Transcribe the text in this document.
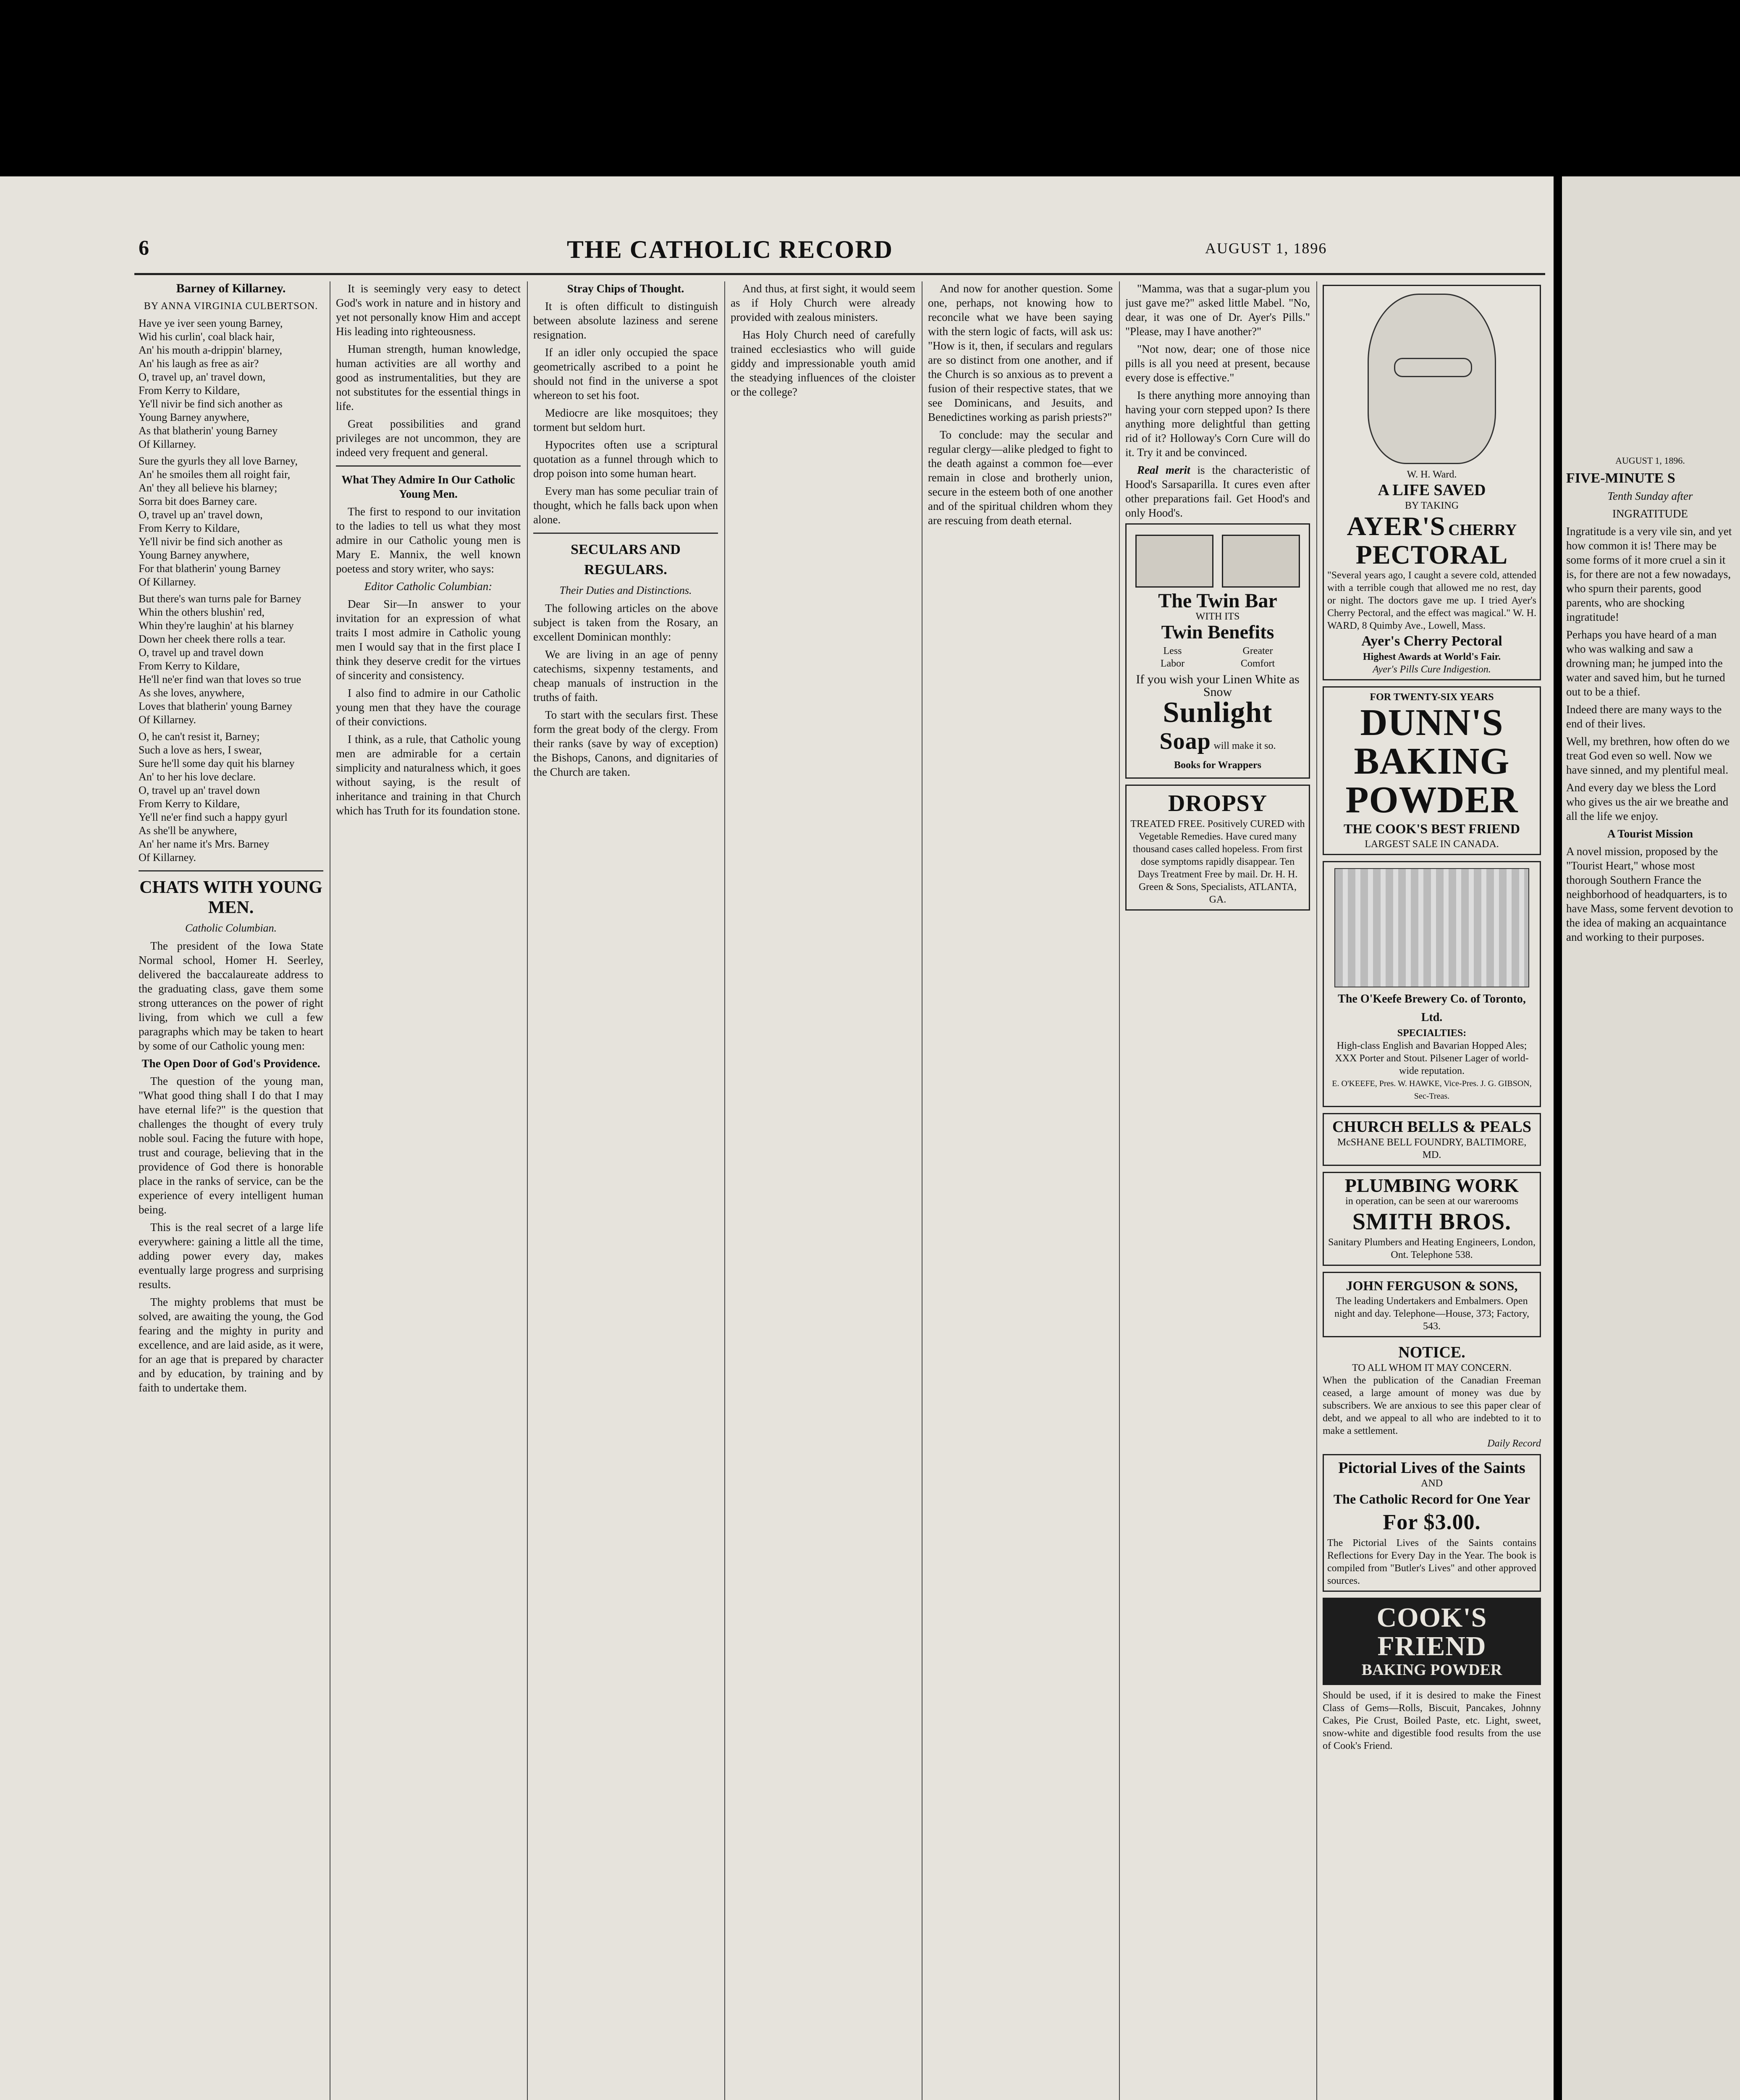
AUGUST 1, 1896.

FIVE-MINUTE S

Tenth Sunday after

INGRATITUDE

Ingratitude is a very vile sin, and yet how common it is! There may be some forms of it more cruel a sin it is, for there are not a few nowadays, who spurn their parents, good parents, who are shocking ingratitude!

Perhaps you have heard of a man who was walking and saw a drowning man; he jumped into the water and saved him, but he turned out to be a thief.

Indeed there are many ways to the end of their lives.

Well, my brethren, how often do we treat God even so well. Now we have sinned, and my plentiful meal.

And every day we bless the Lord who gives us the air we breathe and all the life we enjoy.

A Tourist Mission

A novel mission, proposed by the "Tourist Heart," whose most thorough Southern France the neighborhood of headquarters, is to have Mass, some fervent devotion to the idea of making an acquaintance and working to their purposes.

6	THE CATHOLIC RECORD	AUGUST 1, 1896

Barney of Killarney.

BY ANNA VIRGINIA CULBERTSON.

Have ye iver seen young Barney,
Wid his curlin', coal black hair,
An' his mouth a-drippin' blarney,
An' his laugh as free as air?
O, travel up, an' travel down,
From Kerry to Kildare,
Ye'll nivir be find sich another as
Young Barney anywhere,
As that blatherin' young Barney
Of Killarney.

Sure the gyurls they all love Barney,
An' he smoiles them all roight fair,
An' they all believe his blarney;
Sorra bit does Barney care.
O, travel up an' travel down,
From Kerry to Kildare,
Ye'll nivir be find sich another as
Young Barney anywhere,
For that blatherin' young Barney
Of Killarney.

But there's wan turns pale for Barney
Whin the others blushin' red,
Whin they're laughin' at his blarney
Down her cheek there rolls a tear.
O, travel up and travel down
From Kerry to Kildare,
He'll ne'er find wan that loves so true
As she loves, anywhere,
Loves that blatherin' young Barney
Of Killarney.

O, he can't resist it, Barney;
Such a love as hers, I swear,
Sure he'll some day quit his blarney
An' to her his love declare.
O, travel up an' travel down
From Kerry to Kildare,
Ye'll ne'er find such a happy gyurl
As she'll be anywhere,
An' her name it's Mrs. Barney
Of Killarney.

CHATS WITH YOUNG MEN.

Catholic Columbian.

The president of the Iowa State Normal school, Homer H. Seerley, delivered the baccalaureate address to the graduating class, gave them some strong utterances on the power of right living, from which we cull a few paragraphs which may be taken to heart by some of our Catholic young men:

The Open Door of God's Providence.

The question of the young man, "What good thing shall I do that I may have eternal life?" is the question that challenges the thought of every truly noble soul. Facing the future with hope, trust and courage, believing that in the providence of God there is honorable place in the ranks of service, can be the experience of every intelligent human being.

This is the real secret of a large life everywhere: gaining a little all the time, adding power every day, makes eventually large progress and surprising results.

The mighty problems that must be solved, are awaiting the young, the God fearing and the mighty in purity and excellence, and are laid aside, as it were, for an age that is prepared by character and by education, by training and by faith to undertake them.

It is seemingly very easy to detect God's work in nature and in history and yet not personally know Him and accept His leading into righteousness.

Human strength, human knowledge, human activities are all worthy and good as instrumentalities, but they are not substitutes for the essential things in life.

Great possibilities and grand privileges are not uncommon, they are indeed very frequent and general.

What They Admire In Our Catholic Young Men.

The first to respond to our invitation to the ladies to tell us what they most admire in our Catholic young men is Mary E. Mannix, the well known poetess and story writer, who says:

Editor Catholic Columbian:

Dear Sir—In answer to your invitation for an expression of what traits I most admire in Catholic young men I would say that in the first place I think they deserve credit for the virtues of sincerity and consistency.

I also find to admire in our Catholic young men that they have the courage of their convictions.

I think, as a rule, that Catholic young men are admirable for a certain simplicity and naturalness which, it goes without saying, is the result of inheritance and training in that Church which has Truth for its foundation stone.

Stray Chips of Thought.

It is often difficult to distinguish between absolute laziness and serene resignation.

If an idler only occupied the space geometrically ascribed to a point he should not find in the universe a spot whereon to set his foot.

Mediocre are like mosquitoes; they torment but seldom hurt.

Hypocrites often use a scriptural quotation as a funnel through which to drop poison into some human heart.

Every man has some peculiar train of thought, which he falls back upon when alone.

SECULARS AND REGULARS.

Their Duties and Distinctions.

The following articles on the above subject is taken from the Rosary, an excellent Dominican monthly:

We are living in an age of penny catechisms, sixpenny testaments, and cheap manuals of instruction in the truths of faith.

To start with the seculars first. These form the great body of the clergy. From their ranks (save by way of exception) the Bishops, Canons, and dignitaries of the Church are taken.

And thus, at first sight, it would seem as if Holy Church were already provided with zealous ministers.

Has Holy Church need of carefully trained ecclesiastics who will guide giddy and impressionable youth amid the steadying influences of the cloister or the college?

And now for another question. Some one, perhaps, not knowing how to reconcile what we have been saying with the stern logic of facts, will ask us: "How is it, then, if seculars and regulars are so distinct from one another, and if the Church is so anxious as to prevent a fusion of their respective states, that we see Dominicans, and Jesuits, and Benedictines working as parish priests?"

To conclude: may the secular and regular clergy—alike pledged to fight to the death against a common foe—ever remain in close and brotherly union, secure in the esteem both of one another and of the spiritual children whom they are rescuing from death eternal.

"Mamma, was that a sugar-plum you just gave me?" asked little Mabel. "No, dear, it was one of Dr. Ayer's Pills." "Please, may I have another?"

"Not now, dear; one of those nice pills is all you need at present, because every dose is effective."

Is there anything more annoying than having your corn stepped upon? Is there anything more delightful than getting rid of it? Holloway's Corn Cure will do it. Try it and be convinced.

Real merit is the characteristic of Hood's Sarsaparilla. It cures even after other preparations fail. Get Hood's and only Hood's.

The Twin Bar
WITH ITS
Twin Benefits
Less
Labor
Greater
Comfort
If you wish your Linen White as Snow
Sunlight
Soap will make it so.
Books for Wrappers
DROPSY
TREATED FREE. Positively CURED with Vegetable Remedies. Have cured many thousand cases called hopeless. From first dose symptoms rapidly disappear. Ten Days Treatment Free by mail. Dr. H. H. Green & Sons, Specialists, ATLANTA, GA.
W. H. Ward.
A LIFE SAVED
BY TAKING
AYER'S CHERRY
PECTORAL
"Several years ago, I caught a severe cold, attended with a terrible cough that allowed me no rest, day or night. The doctors gave me up. I tried Ayer's Cherry Pectoral, and the effect was magical." W. H. WARD, 8 Quimby Ave., Lowell, Mass.
Ayer's Cherry Pectoral
Highest Awards at World's Fair.
Ayer's Pills Cure Indigestion.
FOR TWENTY-SIX YEARS
DUNN'S
BAKING
POWDER
THE COOK'S BEST FRIEND
LARGEST SALE IN CANADA.
The O'Keefe Brewery Co. of Toronto, Ltd.
SPECIALTIES:
High-class English and Bavarian Hopped Ales; XXX Porter and Stout. Pilsener Lager of world-wide reputation.
E. O'KEEFE, Pres. W. HAWKE, Vice-Pres. J. G. GIBSON, Sec-Treas.
CHURCH BELLS & PEALS
McSHANE BELL FOUNDRY, BALTIMORE, MD.
PLUMBING WORK
in operation, can be seen at our warerooms
SMITH BROS.
Sanitary Plumbers and Heating Engineers, London, Ont. Telephone 538.
JOHN FERGUSON & SONS,
The leading Undertakers and Embalmers. Open night and day. Telephone—House, 373; Factory, 543.
NOTICE.
TO ALL WHOM IT MAY CONCERN.
When the publication of the Canadian Freeman ceased, a large amount of money was due by subscribers. We are anxious to see this paper clear of debt, and we appeal to all who are indebted to it to make a settlement.
Daily Record
Pictorial Lives of the Saints
AND
The Catholic Record for One Year
For $3.00.
The Pictorial Lives of the Saints contains Reflections for Every Day in the Year. The book is compiled from "Butler's Lives" and other approved sources.
COOK'S FRIEND
BAKING POWDER
Should be used, if it is desired to make the Finest Class of Gems—Rolls, Biscuit, Pancakes, Johnny Cakes, Pie Crust, Boiled Paste, etc. Light, sweet, snow-white and digestible food results from the use of Cook's Friend.
